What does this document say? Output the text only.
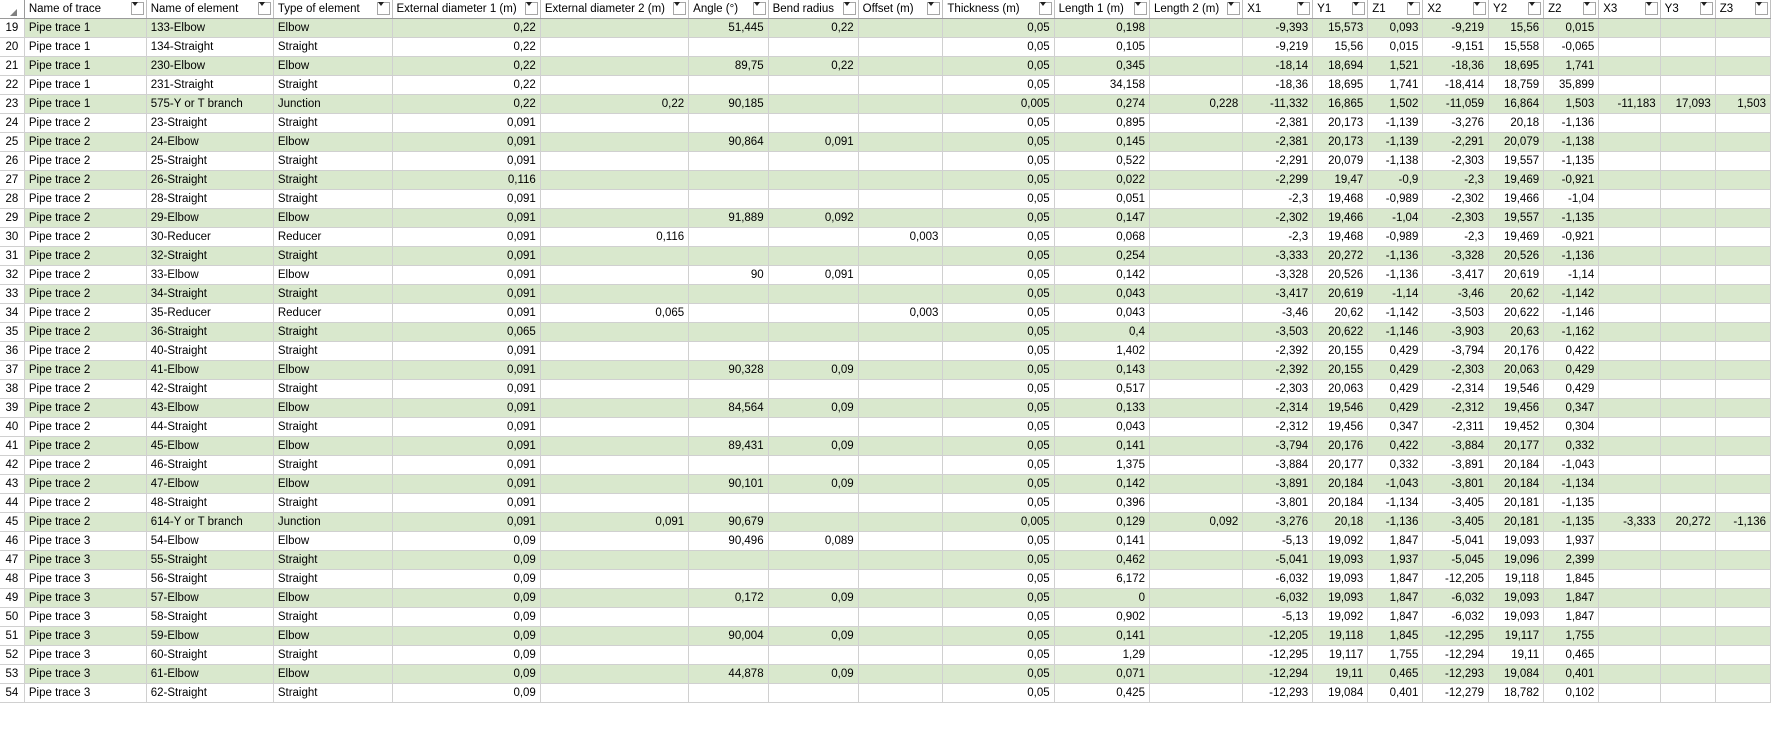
	Name of trace	Name of element	Type of element	External diameter 1 (m)	External diameter 2 (m)	Angle (°)	Bend radius	Offset (m)	Thickness (m)	Length 1 (m)	Length 2 (m)	X1	Y1	Z1	X2	Y2	Z2	X3	Y3	Z3

19	Pipe trace 1	133-Elbow	Elbow	0,22		51,445	0,22		0,05	0,198		-9,393	15,573	0,093	-9,219	15,56	0,015			
20	Pipe trace 1	134-Straight	Straight	0,22					0,05	0,105		-9,219	15,56	0,015	-9,151	15,558	-0,065			
21	Pipe trace 1	230-Elbow	Elbow	0,22		89,75	0,22		0,05	0,345		-18,14	18,694	1,521	-18,36	18,695	1,741			
22	Pipe trace 1	231-Straight	Straight	0,22					0,05	34,158		-18,36	18,695	1,741	-18,414	18,759	35,899			
23	Pipe trace 1	575-Y or T branch	Junction	0,22	0,22	90,185			0,005	0,274	0,228	-11,332	16,865	1,502	-11,059	16,864	1,503	-11,183	17,093	1,503
24	Pipe trace 2	23-Straight	Straight	0,091					0,05	0,895		-2,381	20,173	-1,139	-3,276	20,18	-1,136			
25	Pipe trace 2	24-Elbow	Elbow	0,091		90,864	0,091		0,05	0,145		-2,381	20,173	-1,139	-2,291	20,079	-1,138			
26	Pipe trace 2	25-Straight	Straight	0,091					0,05	0,522		-2,291	20,079	-1,138	-2,303	19,557	-1,135			
27	Pipe trace 2	26-Straight	Straight	0,116					0,05	0,022		-2,299	19,47	-0,9	-2,3	19,469	-0,921			
28	Pipe trace 2	28-Straight	Straight	0,091					0,05	0,051		-2,3	19,468	-0,989	-2,302	19,466	-1,04			
29	Pipe trace 2	29-Elbow	Elbow	0,091		91,889	0,092		0,05	0,147		-2,302	19,466	-1,04	-2,303	19,557	-1,135			
30	Pipe trace 2	30-Reducer	Reducer	0,091	0,116			0,003	0,05	0,068		-2,3	19,468	-0,989	-2,3	19,469	-0,921			
31	Pipe trace 2	32-Straight	Straight	0,091					0,05	0,254		-3,333	20,272	-1,136	-3,328	20,526	-1,136			
32	Pipe trace 2	33-Elbow	Elbow	0,091		90	0,091		0,05	0,142		-3,328	20,526	-1,136	-3,417	20,619	-1,14			
33	Pipe trace 2	34-Straight	Straight	0,091					0,05	0,043		-3,417	20,619	-1,14	-3,46	20,62	-1,142			
34	Pipe trace 2	35-Reducer	Reducer	0,091	0,065			0,003	0,05	0,043		-3,46	20,62	-1,142	-3,503	20,622	-1,146			
35	Pipe trace 2	36-Straight	Straight	0,065					0,05	0,4		-3,503	20,622	-1,146	-3,903	20,63	-1,162			
36	Pipe trace 2	40-Straight	Straight	0,091					0,05	1,402		-2,392	20,155	0,429	-3,794	20,176	0,422			
37	Pipe trace 2	41-Elbow	Elbow	0,091		90,328	0,09		0,05	0,143		-2,392	20,155	0,429	-2,303	20,063	0,429			
38	Pipe trace 2	42-Straight	Straight	0,091					0,05	0,517		-2,303	20,063	0,429	-2,314	19,546	0,429			
39	Pipe trace 2	43-Elbow	Elbow	0,091		84,564	0,09		0,05	0,133		-2,314	19,546	0,429	-2,312	19,456	0,347			
40	Pipe trace 2	44-Straight	Straight	0,091					0,05	0,043		-2,312	19,456	0,347	-2,311	19,452	0,304			
41	Pipe trace 2	45-Elbow	Elbow	0,091		89,431	0,09		0,05	0,141		-3,794	20,176	0,422	-3,884	20,177	0,332			
42	Pipe trace 2	46-Straight	Straight	0,091					0,05	1,375		-3,884	20,177	0,332	-3,891	20,184	-1,043			
43	Pipe trace 2	47-Elbow	Elbow	0,091		90,101	0,09		0,05	0,142		-3,891	20,184	-1,043	-3,801	20,184	-1,134			
44	Pipe trace 2	48-Straight	Straight	0,091					0,05	0,396		-3,801	20,184	-1,134	-3,405	20,181	-1,135			
45	Pipe trace 2	614-Y or T branch	Junction	0,091	0,091	90,679			0,005	0,129	0,092	-3,276	20,18	-1,136	-3,405	20,181	-1,135	-3,333	20,272	-1,136
46	Pipe trace 3	54-Elbow	Elbow	0,09		90,496	0,089		0,05	0,141		-5,13	19,092	1,847	-5,041	19,093	1,937			
47	Pipe trace 3	55-Straight	Straight	0,09					0,05	0,462		-5,041	19,093	1,937	-5,045	19,096	2,399			
48	Pipe trace 3	56-Straight	Straight	0,09					0,05	6,172		-6,032	19,093	1,847	-12,205	19,118	1,845			
49	Pipe trace 3	57-Elbow	Elbow	0,09		0,172	0,09		0,05	0		-6,032	19,093	1,847	-6,032	19,093	1,847			
50	Pipe trace 3	58-Straight	Straight	0,09					0,05	0,902		-5,13	19,092	1,847	-6,032	19,093	1,847			
51	Pipe trace 3	59-Elbow	Elbow	0,09		90,004	0,09		0,05	0,141		-12,205	19,118	1,845	-12,295	19,117	1,755			
52	Pipe trace 3	60-Straight	Straight	0,09					0,05	1,29		-12,295	19,117	1,755	-12,294	19,11	0,465			
53	Pipe trace 3	61-Elbow	Elbow	0,09		44,878	0,09		0,05	0,071		-12,294	19,11	0,465	-12,293	19,084	0,401			
54	Pipe trace 3	62-Straight	Straight	0,09					0,05	0,425		-12,293	19,084	0,401	-12,279	18,782	0,102			
